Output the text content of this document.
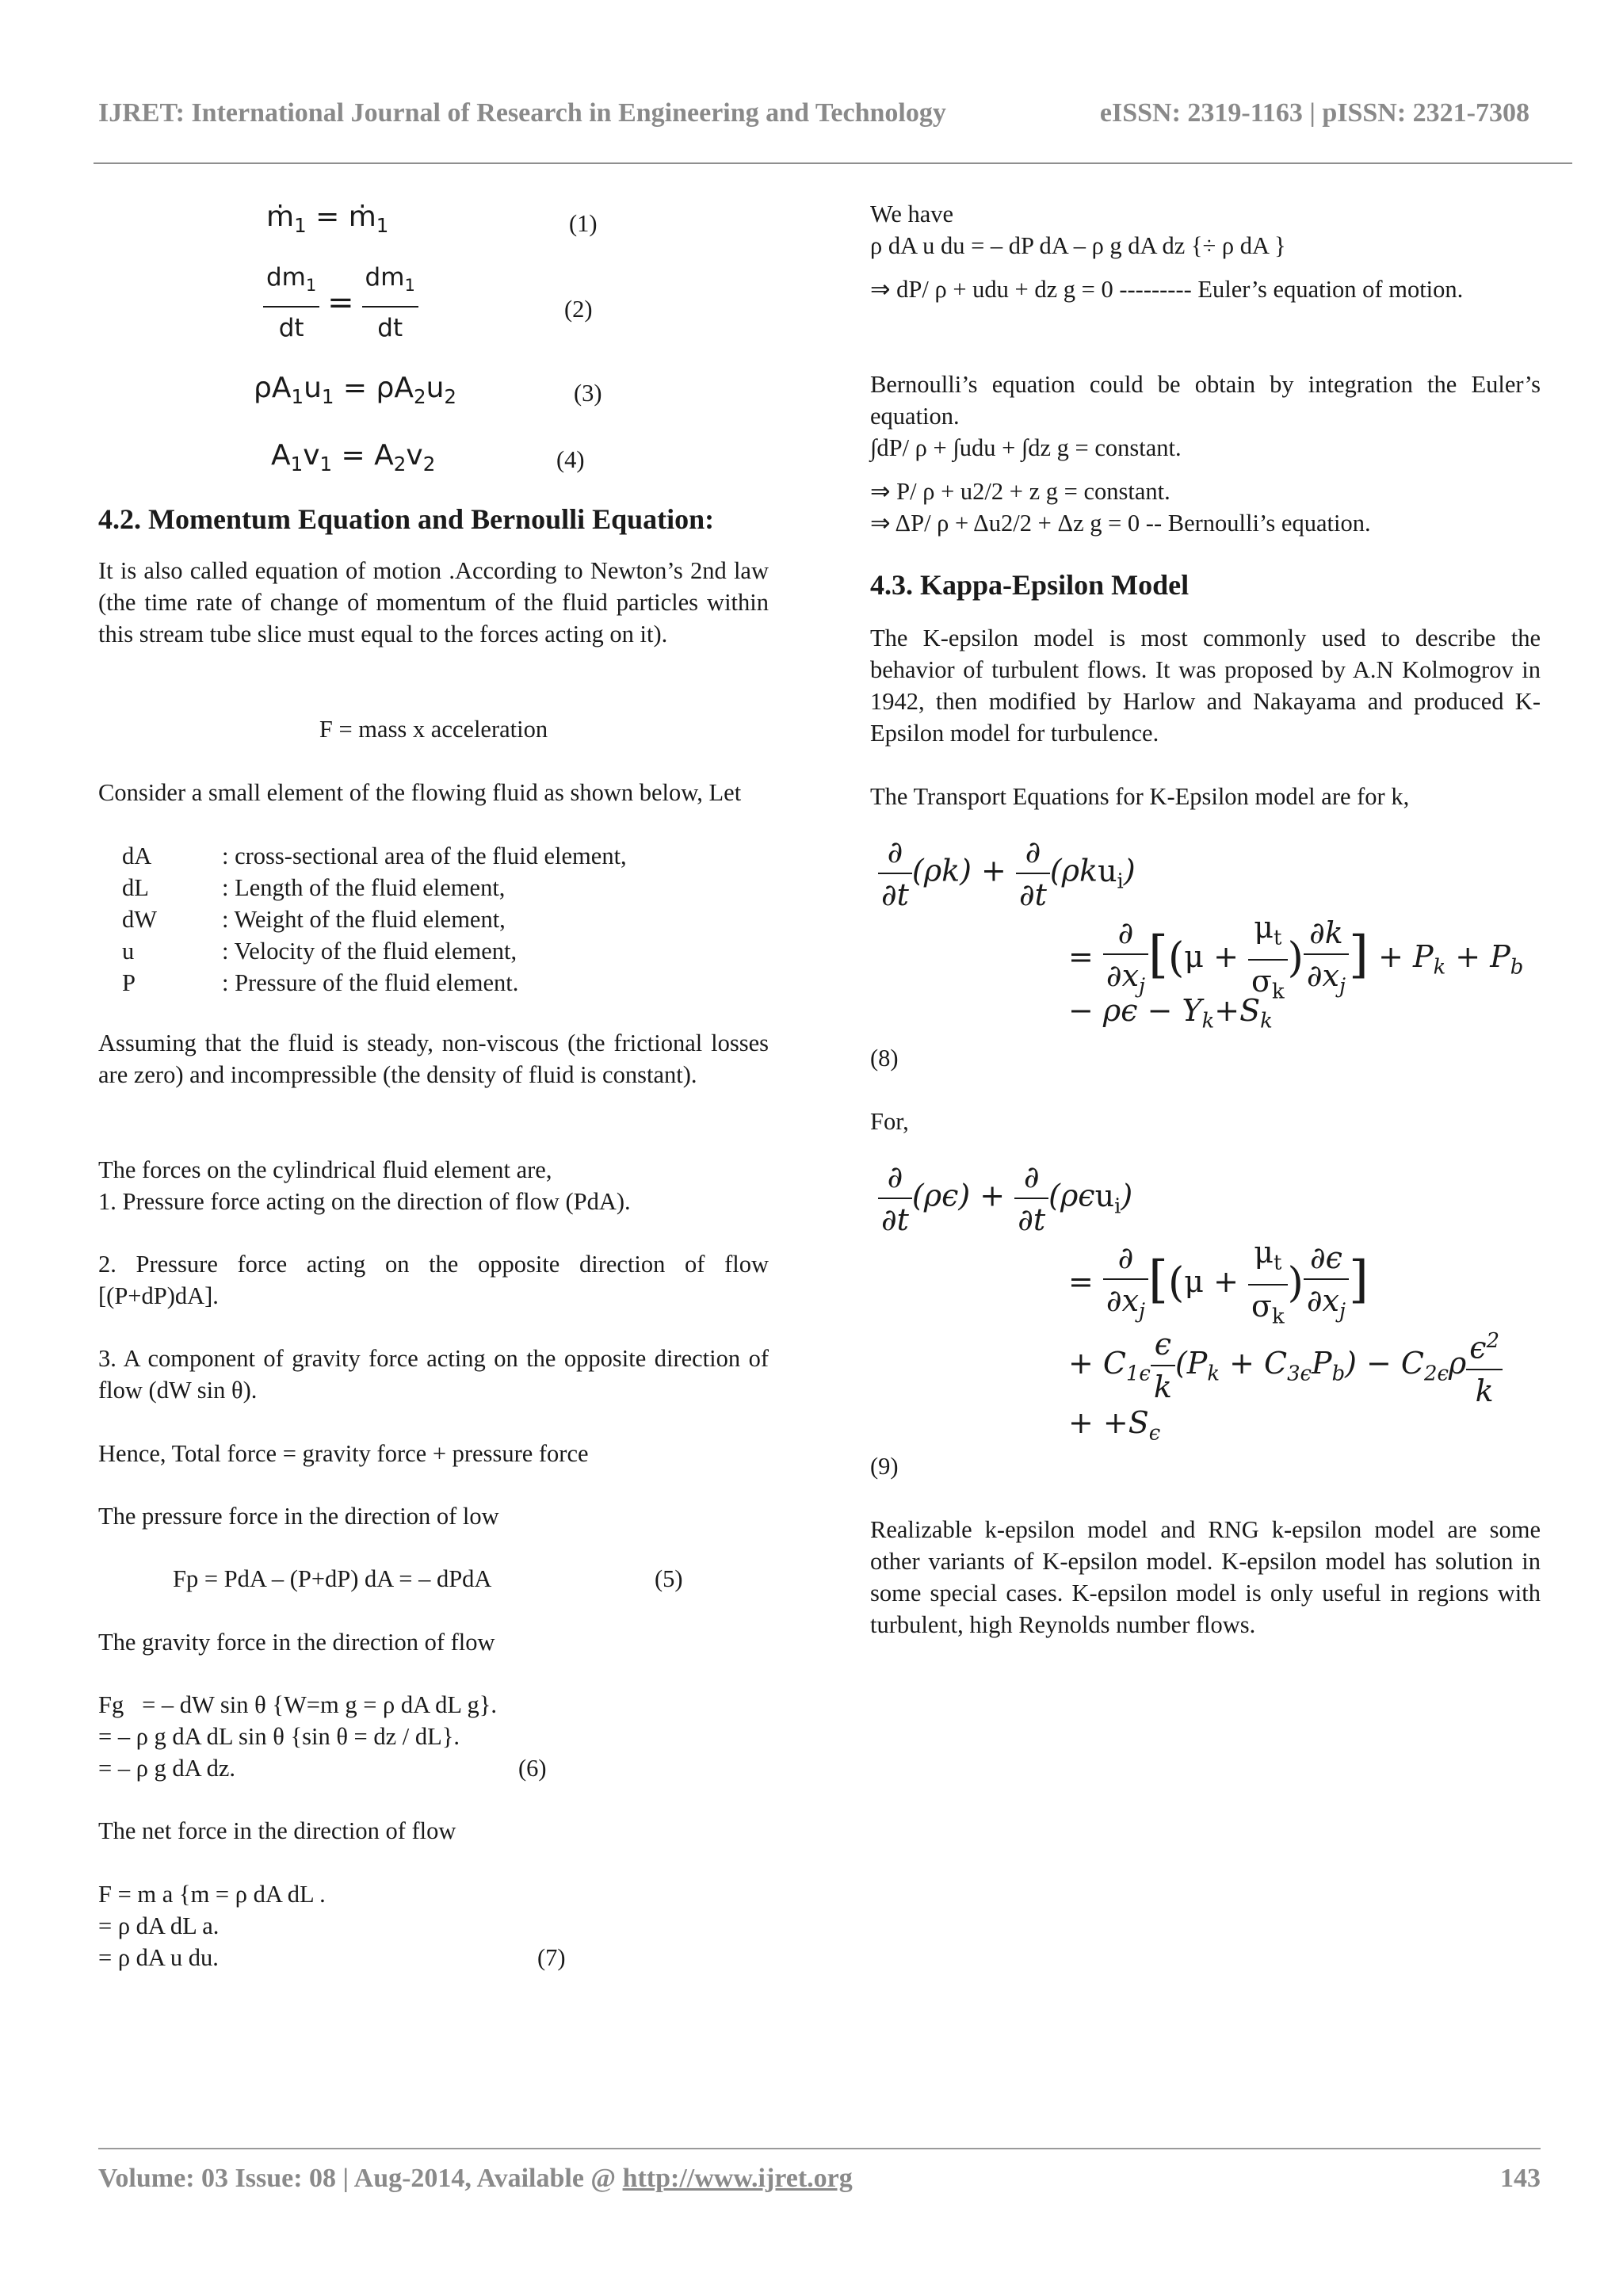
IJRET: International Journal of Research in Engineering and Technology	eISSN: 2319-1163 | pISSN: 2321-7308
$ṁ_1$ = $ṁ_1$	(1)
$\frac{dm_1}{dt} = \frac{dm_1}{dt}$	(2)
$\rho A_1u_1 = \rho A_2u_2$	(3)
$A_1v_1 = A_2v_2$	(4)
4.2. Momentum Equation and Bernoulli Equation:
It is also called equation of motion .According to Newton’s 2nd law (the time rate of change of momentum of the fluid particles within this stream tube slice must equal to the forces acting on it).
F = mass x acceleration
Consider a small element of the flowing fluid as shown below, Let
dA	: cross-sectional area of the fluid element,
dL	: Length of the fluid element,
dW	: Weight of the fluid element,
u	: Velocity of the fluid element,
P	: Pressure of the fluid element.
Assuming that the fluid is steady, non-viscous (the frictional losses are zero) and incompressible (the density of fluid is constant).
The forces on the cylindrical fluid element are,
1. Pressure force acting on the direction of flow (PdA).
2. Pressure force acting on the opposite direction of flow [(P+dP)dA].
3. A component of gravity force acting on the opposite direction of flow (dW sin θ).
Hence, Total force = gravity force + pressure force
The pressure force in the direction of low
Fp = PdA – (P+dP) dA = – dPdA	(5)
The gravity force in the direction of flow
Fg   = – dW sin θ {W=m g = ρ dA dL g}.
= – ρ g dA dL sin θ {sin θ = dz / dL}.
= – ρ g dA dz.	(6)
The net force in the direction of flow
F = m a {m = ρ dA dL .
= ρ dA dL a.
= ρ dA u du.	(7)
We have
ρ dA u du = – dP dA – ρ g dA dz {÷ ρ dA }
⇒ dP/ ρ + udu + dz g = 0 --------- Euler’s equation of motion.
Bernoulli’s equation could be obtain by integration the Euler’s equation.
∫dP/ ρ + ∫udu + ∫dz g = constant.
⇒ P/ ρ + u2/2 + z g = constant.
⇒ ΔP/ ρ + Δu2/2 + Δz g = 0 -- Bernoulli’s equation.
4.3. Kappa-Epsilon Model
The K-epsilon model is most commonly used to describe the behavior of turbulent flows. It was proposed by A.N Kolmogrov in 1942, then modified by Harlow and Nakayama and produced K-Epsilon model for turbulence.
The Transport Equations for K-Epsilon model are for k,
$\frac{\partial}{\partial t} (\rho k) + \frac{\partial}{\partial t} (\rho ku_i)$
= $\frac{\partial}{\partial x_j} [(\mu + \frac{\mu_t}{\sigma_k}$ ) $\frac{\partial k}{\partial x_j}$ ] + $P_k + P_b$
− $\rho\epsilon - Y_k+S_k$
(8)
For,
$\frac{\partial}{\partial t} (\rho\epsilon) + \frac{\partial}{\partial t} (\rho\epsilon u_i)$
= $\frac{\partial}{\partial x_j} [(\mu + \frac{\mu_t}{\sigma_k}$ ) $\frac{\partial\epsilon}{\partial x_j}$ ]
+ $C_{1\epsilon} \frac{\epsilon}{k} (P_k + C_{3\epsilon}P_b) - C_{2\epsilon}\rho \frac{\epsilon^2}{k}$
+ $+S_\epsilon$
(9)
Realizable k-epsilon model and RNG k-epsilon model are some other variants of K-epsilon model. K-epsilon model has solution in some special cases. K-epsilon model is only useful in regions with turbulent, high Reynolds number flows.
Volume: 03 Issue: 08 | Aug-2014, Available @ http://www.ijret.org	143
